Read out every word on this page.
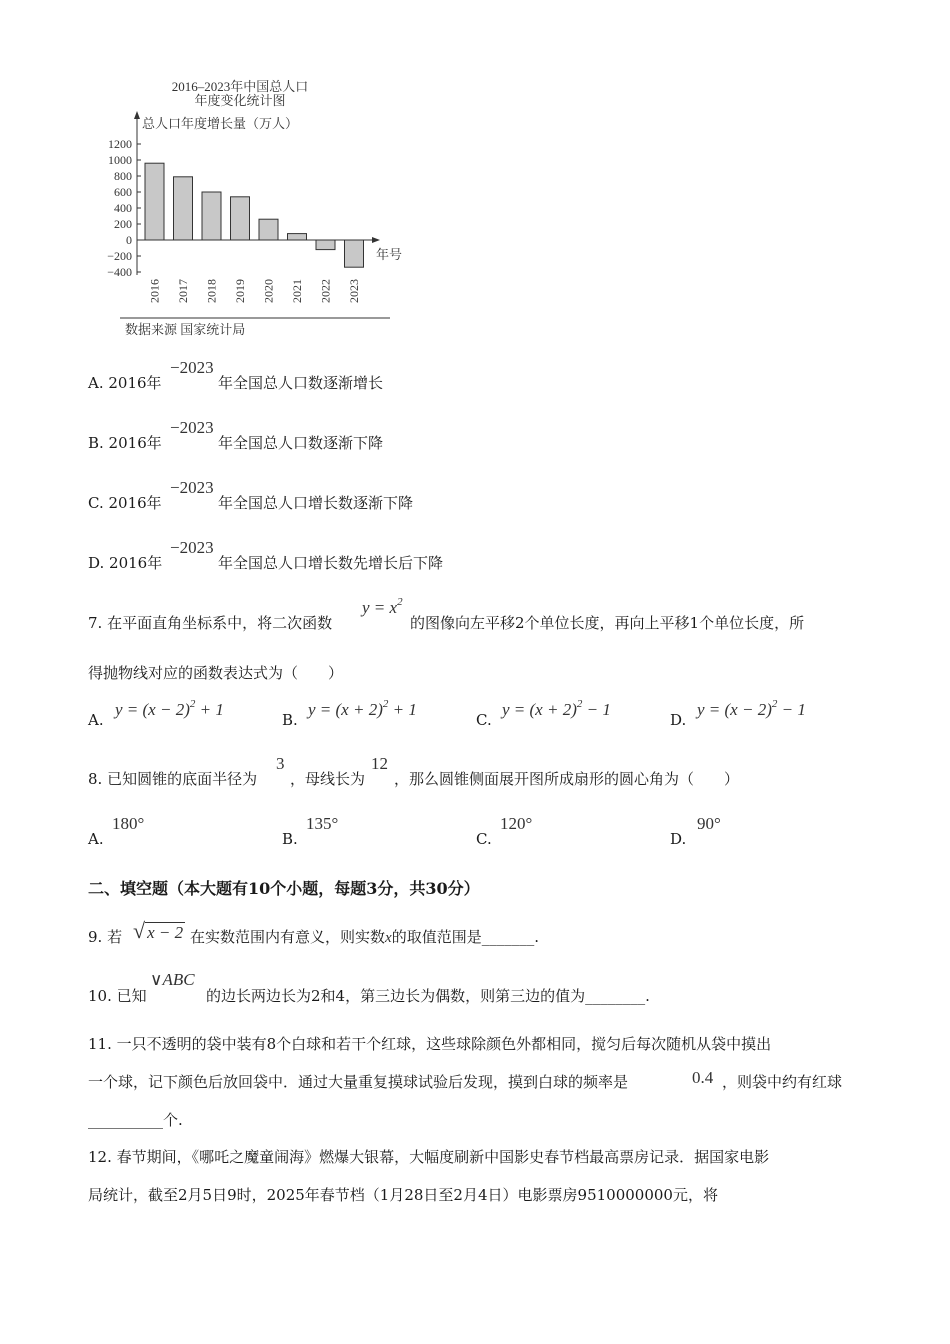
2016–2023年中国总人口
年度变化统计图
总人口年度增长量（万人）
年号
1200
1000
800
600
400
200
0
−200
−400
2016 2017 2018 2019 2020 2021 2022 2023
数据来源 国家统计局
A. 2016年
−2023
年全国总人口数逐渐增长
B. 2016年
−2023
年全国总人口数逐渐下降
C. 2016年
−2023
年全国总人口增长数逐渐下降
D. 2016年
−2023
年全国总人口增长数先增长后下降
7. 在平面直角坐标系中，将二次函数
$y = x^2$
的图像向左平移2个单位长度，再向上平移1个单位长度，所
得抛物线对应的函数表达式为（　　）
A.
$y = (x - 2)^2 + 1$
B.
$y = (x + 2)^2 + 1$
C.
$y = (x + 2)^2 - 1$
D.
$y = (x - 2)^2 - 1$
8. 已知圆锥的底面半径为
3
，母线长为
12
，那么圆锥侧面展开图所成扇形的圆心角为（　　）
A.
180°
B.
135°
C.
120°
D.
90°
二、填空题（本大题有10个小题，每题3分，共30分）
9. 若 √ x − 2 在实数范围内有意义，则实数x的取值范围是_______.
10. 已知
∨ABC
的边长两边长为2和4，第三边长为偶数，则第三边的值为________.
11. 一只不透明的袋中装有8个白球和若干个红球，这些球除颜色外都相同，搅匀后每次随机从袋中摸出
一个球，记下颜色后放回袋中．通过大量重复摸球试验后发现，摸到白球的频率是	0.4 ，则袋中约有红球
__________个.
12. 春节期间，《哪吒之魔童闹海》燃爆大银幕，大幅度刷新中国影史春节档最高票房记录．据国家电影
局统计，截至2月5日9时，2025年春节档（1月28日至2月4日）电影票房9510000000元，将
